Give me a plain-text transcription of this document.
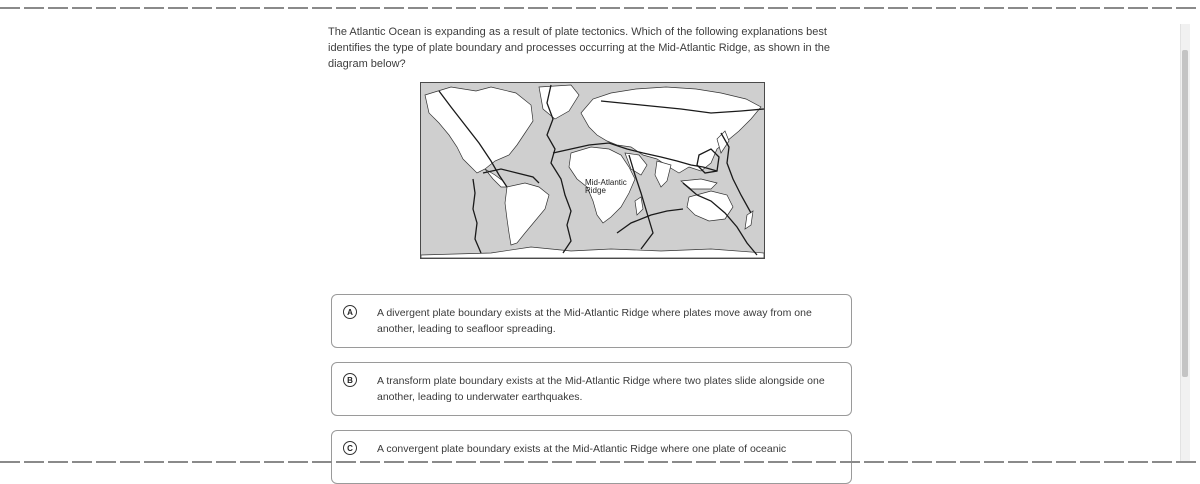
The Atlantic Ocean is expanding as a result of plate tectonics. Which of the following explanations best identifies the type of plate boundary and processes occurring at the Mid-Atlantic Ridge, as shown in the diagram below?

Mid-Atlantic
Ridge
A	A divergent plate boundary exists at the Mid-Atlantic Ridge where plates move away from one another, leading to seafloor spreading.
B	A transform plate boundary exists at the Mid-Atlantic Ridge where two plates slide alongside one another, leading to underwater earthquakes.
C	A convergent plate boundary exists at the Mid-Atlantic Ridge where one plate of oceanic
